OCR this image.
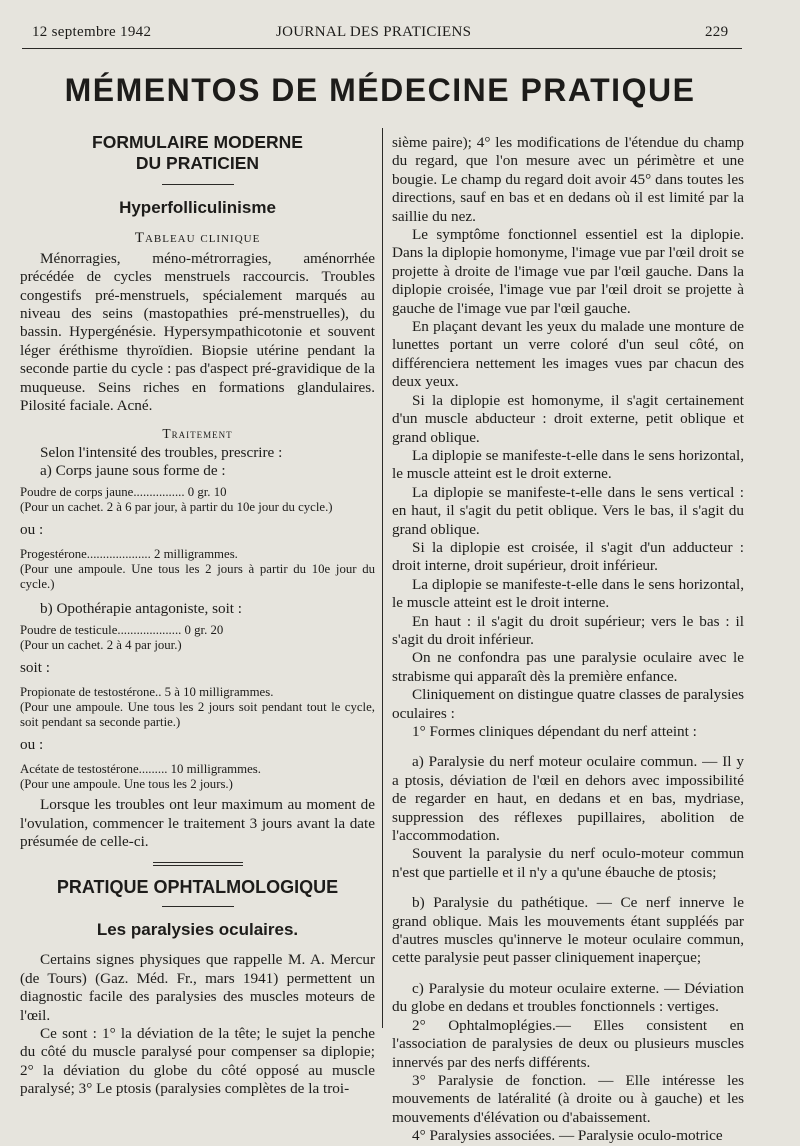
12 septembre 1942	JOURNAL DES PRATICIENS	229
MÉMENTOS DE MÉDECINE PRATIQUE
FORMULAIRE MODERNE
DU PRATICIEN
Hyperfolliculinisme
Tableau clinique

Ménorragies, méno-métrorragies, aménorrhée précédée de cycles menstruels raccourcis. Troubles congestifs pré-menstruels, spécialement marqués au niveau des seins (mastopathies pré-menstruelles), du bassin. Hypergénésie. Hypersympathicotonie et souvent léger éréthisme thyroïdien. Biopsie utérine pendant la seconde partie du cycle : pas d'aspect pré-gravidique de la muqueuse. Seins riches en formations glandulaires. Pilosité faciale. Acné.

Traitement

Selon l'intensité des troubles, prescrire :

a) Corps jaune sous forme de :

Poudre de corps jaune................ 0 gr. 10

(Pour un cachet. 2 à 6 par jour, à partir du 10e jour du cycle.)

ou :

Progestérone.................... 2 milligrammes.

(Pour une ampoule. Une tous les 2 jours à partir du 10e jour du cycle.)

b) Opothérapie antagoniste, soit :

Poudre de testicule.................... 0 gr. 20

(Pour un cachet. 2 à 4 par jour.)

soit :

Propionate de testostérone.. 5 à 10 milligrammes.

(Pour une ampoule. Une tous les 2 jours soit pendant tout le cycle, soit pendant sa seconde partie.)

ou :

Acétate de testostérone......... 10 milligrammes.

(Pour une ampoule. Une tous les 2 jours.)

Lorsque les troubles ont leur maximum au moment de l'ovulation, commencer le traitement 3 jours avant la date présumée de celle-ci.

PRATIQUE OPHTALMOLOGIQUE
Les paralysies oculaires.

Certains signes physiques que rappelle M. A. Mercur (de Tours) (Gaz. Méd. Fr., mars 1941) permettent un diagnostic facile des paralysies des muscles moteurs de l'œil.

Ce sont : 1° la déviation de la tête; le sujet la penche du côté du muscle paralysé pour compenser sa diplopie; 2° la déviation du globe du côté opposé au muscle paralysé; 3° Le ptosis (paralysies complètes de la troi-

sième paire); 4° les modifications de l'étendue du champ du regard, que l'on mesure avec un périmètre et une bougie. Le champ du regard doit avoir 45° dans toutes les directions, sauf en bas et en dedans où il est limité par la saillie du nez.

Le symptôme fonctionnel essentiel est la diplopie. Dans la diplopie homonyme, l'image vue par l'œil droit se projette à droite de l'image vue par l'œil gauche. Dans la diplopie croisée, l'image vue par l'œil droit se projette à gauche de l'image vue par l'œil gauche.

En plaçant devant les yeux du malade une monture de lunettes portant un verre coloré d'un seul côté, on différenciera nettement les images vues par chacun des deux yeux.

Si la diplopie est homonyme, il s'agit certainement d'un muscle abducteur : droit externe, petit oblique et grand oblique.

La diplopie se manifeste-t-elle dans le sens horizontal, le muscle atteint est le droit externe.

La diplopie se manifeste-t-elle dans le sens vertical : en haut, il s'agit du petit oblique. Vers le bas, il s'agit du grand oblique.

Si la diplopie est croisée, il s'agit d'un adducteur : droit interne, droit supérieur, droit inférieur.

La diplopie se manifeste-t-elle dans le sens horizontal, le muscle atteint est le droit interne.

En haut : il s'agit du droit supérieur; vers le bas : il s'agit du droit inférieur.

On ne confondra pas une paralysie oculaire avec le strabisme qui apparaît dès la première enfance.

Cliniquement on distingue quatre classes de paralysies oculaires :

1° Formes cliniques dépendant du nerf atteint :

a) Paralysie du nerf moteur oculaire commun. — Il y a ptosis, déviation de l'œil en dehors avec impossibilité de regarder en haut, en dedans et en bas, mydriase, suppression des réflexes pupillaires, abolition de l'accommodation.

Souvent la paralysie du nerf oculo-moteur commun n'est que partielle et il n'y a qu'une ébauche de ptosis;

b) Paralysie du pathétique. — Ce nerf innerve le grand oblique. Mais les mouvements étant suppléés par d'autres muscles qu'innerve le moteur oculaire commun, cette paralysie peut passer cliniquement inaperçue;

c) Paralysie du moteur oculaire externe. — Déviation du globe en dedans et troubles fonctionnels : vertiges.

2° Ophtalmoplégies.— Elles consistent en l'association de paralysies de deux ou plusieurs muscles innervés par des nerfs différents.

3° Paralysie de fonction. — Elle intéresse les mouvements de latéralité (à droite ou à gauche) et les mouvements d'élévation ou d'abaissement.

4° Paralysies associées. — Paralysie oculo-motrice
